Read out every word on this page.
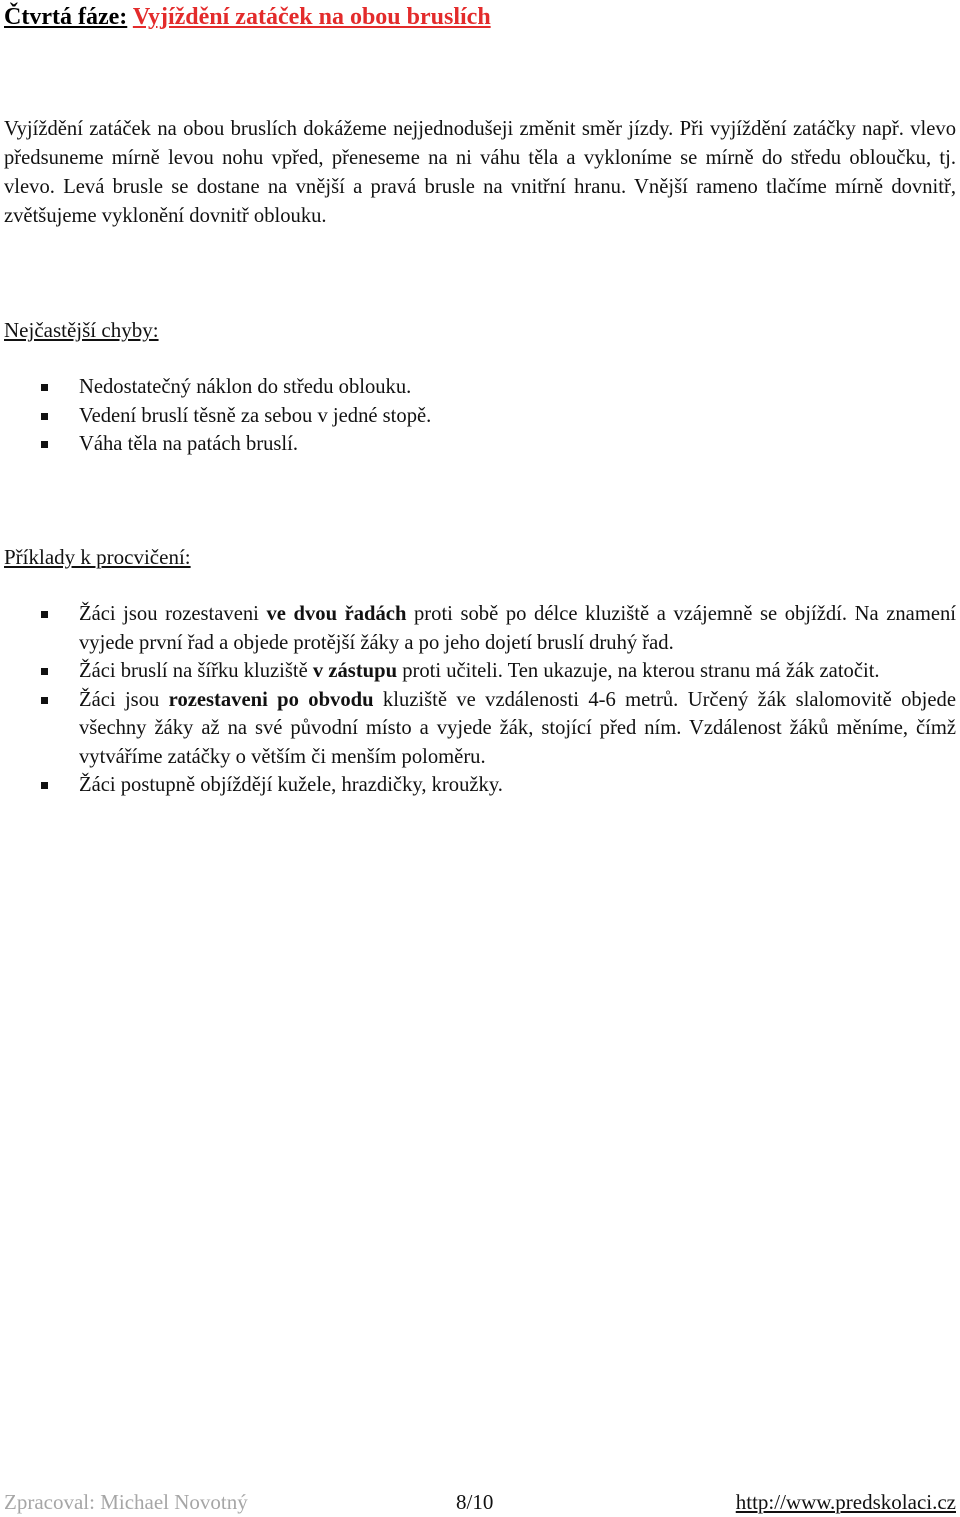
Čtvrtá fáze: Vyjíždění zatáček na obou bruslích

Vyjíždění zatáček na obou bruslích dokážeme nejjednodušeji změnit směr jízdy. Při vyjíždění zatáčky např. vlevo předsuneme mírně levou nohu vpřed, přeneseme na ni váhu těla a vykloníme se mírně do středu obloučku, tj. vlevo. Levá brusle se dostane na vnější a pravá brusle na vnitřní hranu. Vnější rameno tlačíme mírně dovnitř, zvětšujeme vyklonění dovnitř oblouku.

Nejčastější chyby:

Nedostatečný náklon do středu oblouku.
Vedení bruslí těsně za sebou v jedné stopě.
Váha těla na patách bruslí.

Příklady k procvičení:

Žáci jsou rozestaveni ve dvou řadách proti sobě po délce kluziště a vzájemně se objíždí. Na znamení vyjede první řad a objede protější žáky a po jeho dojetí bruslí druhý řad.
Žáci bruslí na šířku kluziště v zástupu proti učiteli. Ten ukazuje, na kterou stranu má žák zatočit.
Žáci jsou rozestaveni po obvodu kluziště ve vzdálenosti 4-6 metrů. Určený žák slalomovitě objede všechny žáky až na své původní místo a vyjede žák, stojící před ním. Vzdálenost žáků měníme, čímž vytváříme zatáčky o větším či menším poloměru.
Žáci postupně objíždějí kužele, hrazdičky, kroužky.
Zpracoval: Michael Novotný	8/10	http://www.predskolaci.cz
